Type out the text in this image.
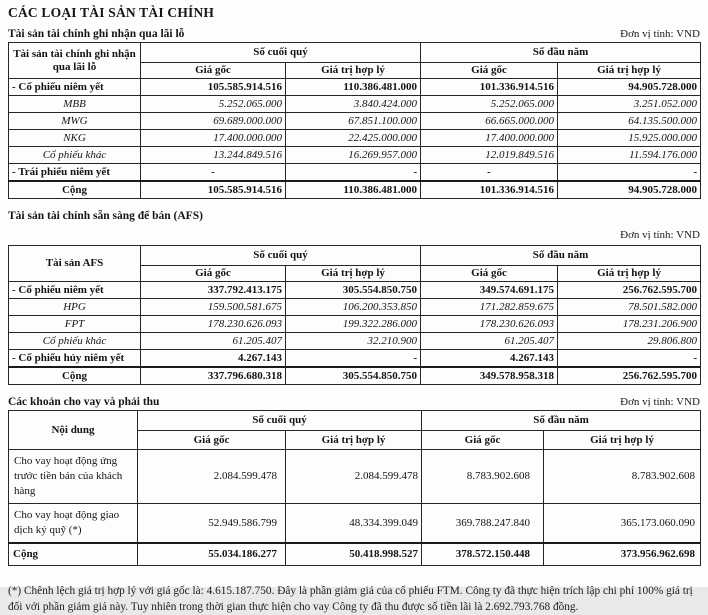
CÁC LOẠI TÀI SẢN TÀI CHÍNH
Tài sản tài chính ghi nhận qua lãi lỗ	Đơn vị tính: VND
Tài sản tài chính ghi nhận qua lãi lỗ	Số cuối quý		Số đầu năm	
	Giá gốc	Giá trị hợp lý	Giá gốc	Giá trị hợp lý
- Cổ phiếu niêm yết	105.585.914.516	110.386.481.000	101.336.914.516	94.905.728.000
MBB	5.252.065.000	3.840.424.000	5.252.065.000	3.251.052.000
MWG	69.689.000.000	67.851.100.000	66.665.000.000	64.135.500.000
NKG	17.400.000.000	22.425.000.000	17.400.000.000	15.925.000.000
Cổ phiếu khác	13.244.849.516	16.269.957.000	12.019.849.516	11.594.176.000
- Trái phiếu niêm yết	-	-	-	-
Cộng	105.585.914.516	110.386.481.000	101.336.914.516	94.905.728.000
Tài sản tài chính sẵn sàng để bán (AFS)
Đơn vị tính: VND
Tài sản AFS	Số cuối quý		Số đầu năm	
	Giá gốc	Giá trị hợp lý	Giá gốc	Giá trị hợp lý
- Cổ phiếu niêm yết	337.792.413.175	305.554.850.750	349.574.691.175	256.762.595.700
HPG	159.500.581.675	106.200.353.850	171.282.859.675	78.501.582.000
FPT	178.230.626.093	199.322.286.000	178.230.626.093	178.231.206.900
Cổ phiếu khác	61.205.407	32.210.900	61.205.407	29.806.800
- Cổ phiếu hủy niêm yết	4.267.143	-	4.267.143	-
Cộng	337.796.680.318	305.554.850.750	349.578.958.318	256.762.595.700
Các khoản cho vay và phải thu	Đơn vị tính: VND
Nội dung	Số cuối quý		Số đầu năm	
	Giá gốc	Giá trị hợp lý	Giá gốc	Giá trị hợp lý
Cho vay hoạt động ứng trước tiền bán của khách hàng	2.084.599.478	2.084.599.478	8.783.902.608	8.783.902.608
Cho vay hoạt động giao dịch ký quỹ (*)	52.949.586.799	48.334.399.049	369.788.247.840	365.173.060.090
Cộng	55.034.186.277	50.418.998.527	378.572.150.448	373.956.962.698

(*) Chênh lệch giá trị hợp lý với giá gốc là: 4.615.187.750. Đây là phần giảm giá của cổ phiếu FTM. Công ty đã thực hiện trích lập chi phí 100% giá trị đối với phần giảm giá này. Tuy nhiên trong thời gian thực hiện cho vay Công ty đã thu được số tiền lãi là 2.692.793.768 đồng.
